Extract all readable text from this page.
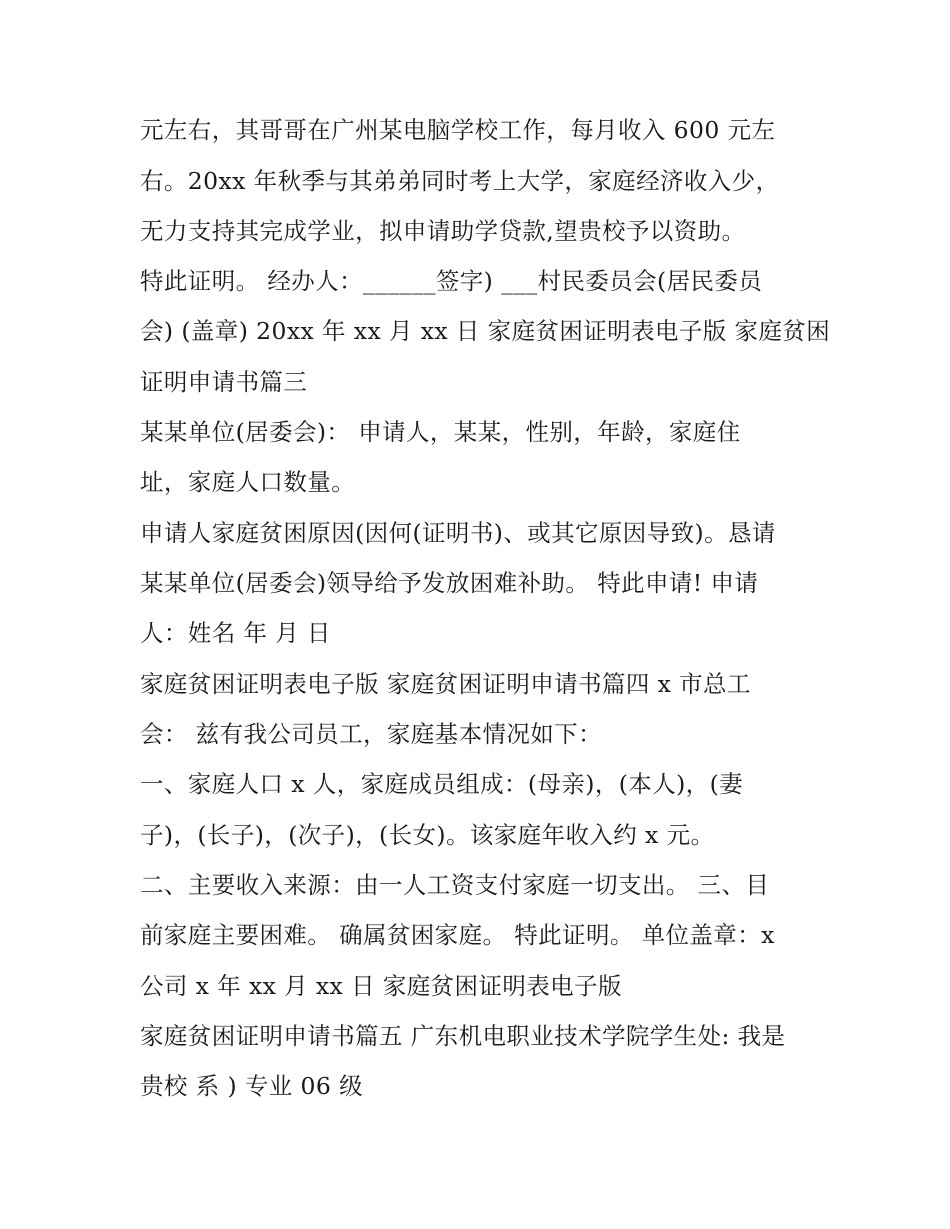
元左右，其哥哥在广州某电脑学校工作，每月收入 600 元左
右。20xx 年秋季与其弟弟同时考上大学，家庭经济收入少，
无力支持其完成学业，拟申请助学贷款,望贵校予以资助。
特此证明。 经办人：______签字) ___村民委员会(居民委员
会) (盖章) 20xx 年 xx 月 xx 日 家庭贫困证明表电子版 家庭贫困
证明申请书篇三
某某单位(居委会)： 申请人，某某，性别，年龄，家庭住
址，家庭人口数量。
申请人家庭贫困原因(因何(证明书)、或其它原因导致)。恳请
某某单位(居委会)领导给予发放困难补助。 特此申请! 申请
人：姓名 年 月 日
家庭贫困证明表电子版 家庭贫困证明申请书篇四 x 市总工
会： 兹有我公司员工，家庭基本情况如下：
一、家庭人口 x 人，家庭成员组成：(母亲)，(本人)，(妻
子)，(长子)，(次子)，(长女)。该家庭年收入约 x 元。
二、主要收入来源：由一人工资支付家庭一切支出。 三、目
前家庭主要困难。 确属贫困家庭。 特此证明。 单位盖章：x
公司 x 年 xx 月 xx 日 家庭贫困证明表电子版
家庭贫困证明申请书篇五 广东机电职业技术学院学生处: 我是
贵校 系 ) 专业 06 级
